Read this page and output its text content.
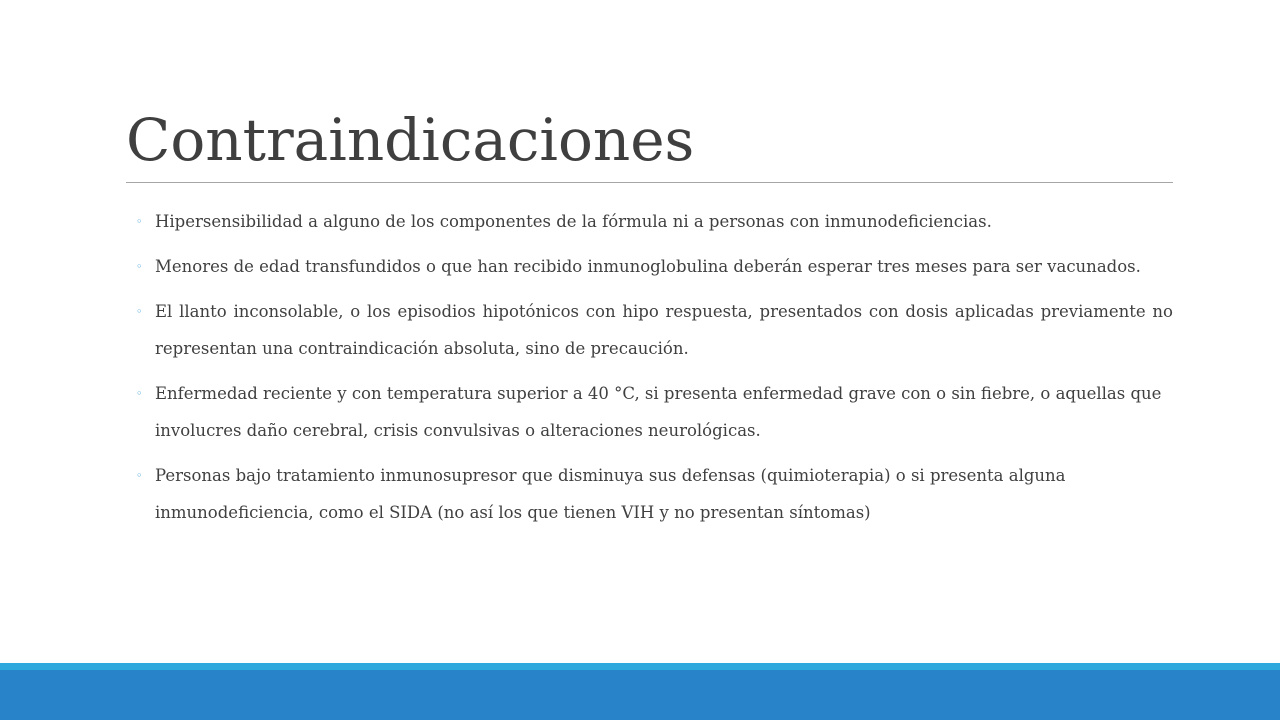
Contraindicaciones
◦ Hipersensibilidad a alguno de los componentes de la fórmula ni a personas con inmunodeficiencias.
◦ Menores de edad transfundidos o que han recibido inmunoglobulina deberán esperar tres meses para ser vacunados.
◦ El llanto inconsolable, o los episodios hipotónicos con hipo respuesta, presentados con dosis aplicadas previamente no representan una contraindicación absoluta, sino de precaución.
◦ Enfermedad reciente y con temperatura superior a 40 °C, si presenta enfermedad grave con o sin fiebre, o aquellas que involucres daño cerebral, crisis convulsivas o alteraciones neurológicas.
◦ Personas bajo tratamiento inmunosupresor que disminuya sus defensas (quimioterapia) o si presenta alguna inmunodeficiencia, como el SIDA (no así los que tienen VIH y no presentan síntomas)
